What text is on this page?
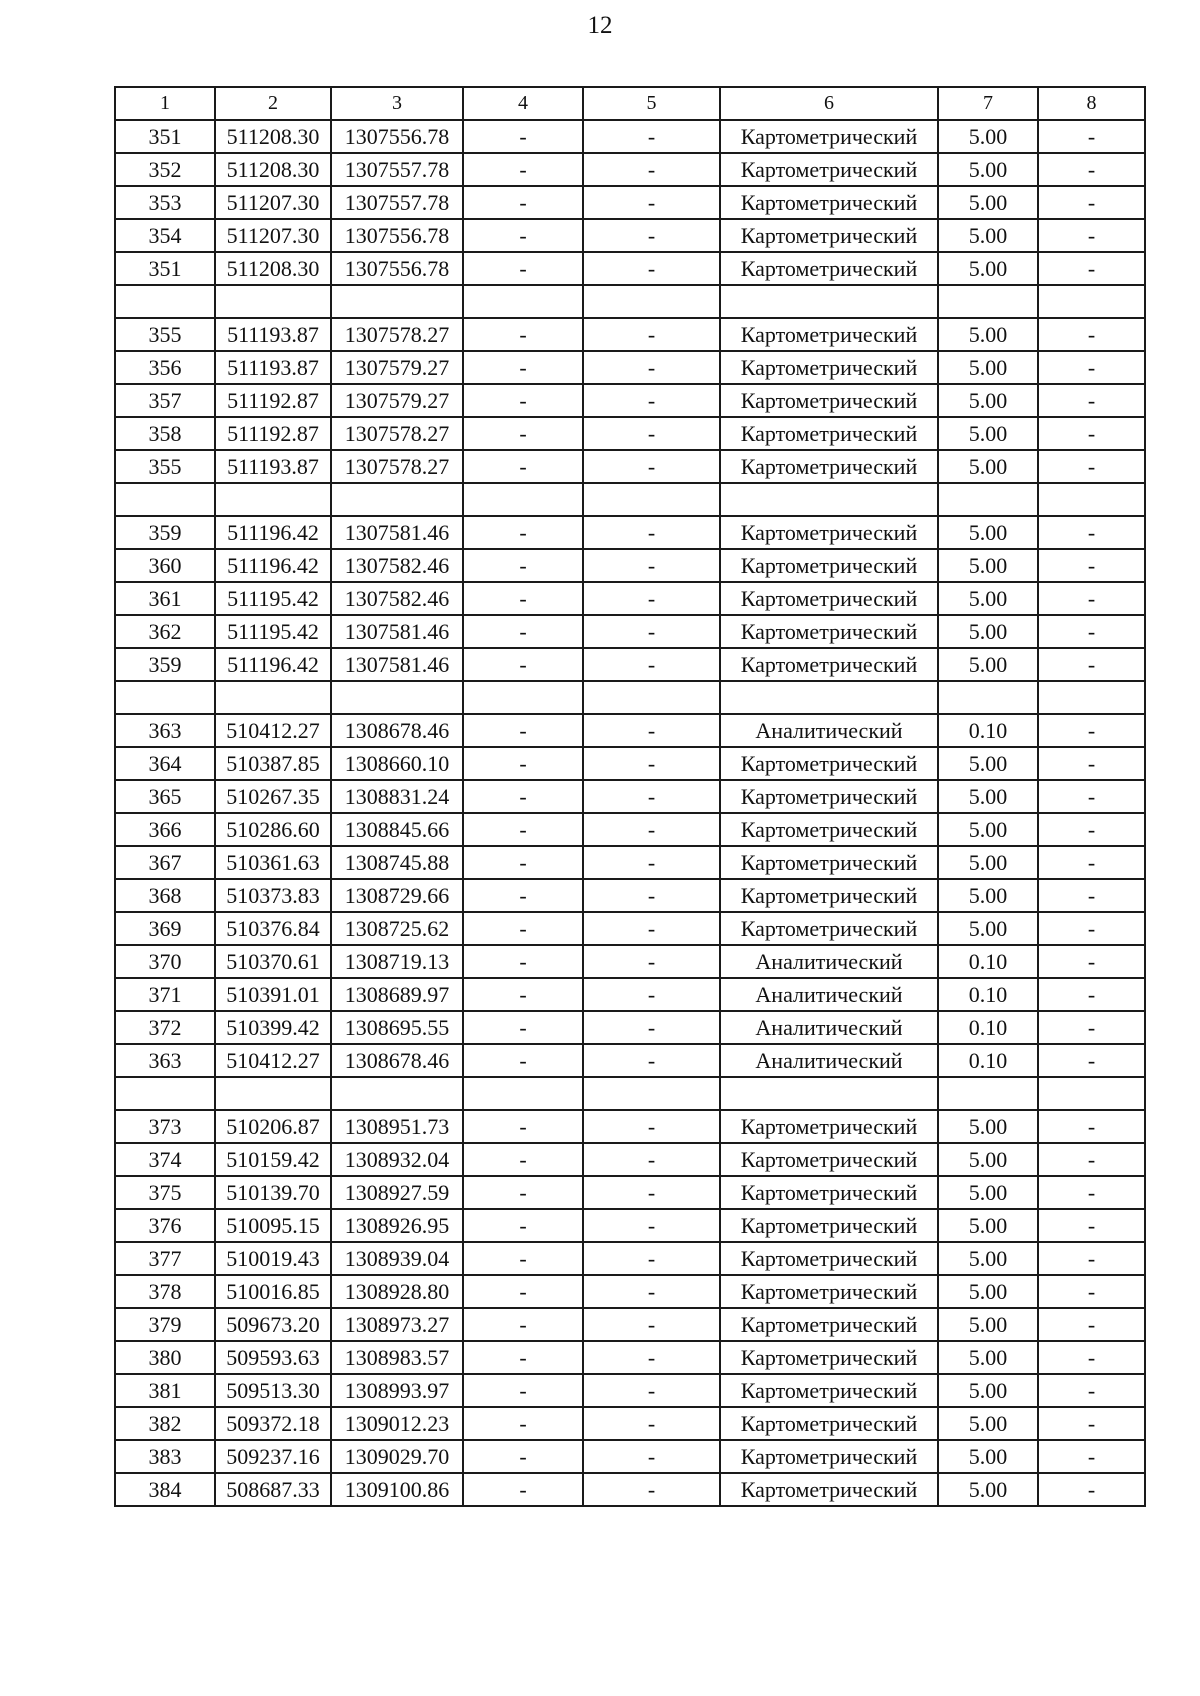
12
1	2	3	4	5	6	7	8
351	511208.30	1307556.78	-	-	Картометрический	5.00	-
352	511208.30	1307557.78	-	-	Картометрический	5.00	-
353	511207.30	1307557.78	-	-	Картометрический	5.00	-
354	511207.30	1307556.78	-	-	Картометрический	5.00	-
351	511208.30	1307556.78	-	-	Картометрический	5.00	-

355	511193.87	1307578.27	-	-	Картометрический	5.00	-
356	511193.87	1307579.27	-	-	Картометрический	5.00	-
357	511192.87	1307579.27	-	-	Картометрический	5.00	-
358	511192.87	1307578.27	-	-	Картометрический	5.00	-
355	511193.87	1307578.27	-	-	Картометрический	5.00	-

359	511196.42	1307581.46	-	-	Картометрический	5.00	-
360	511196.42	1307582.46	-	-	Картометрический	5.00	-
361	511195.42	1307582.46	-	-	Картометрический	5.00	-
362	511195.42	1307581.46	-	-	Картометрический	5.00	-
359	511196.42	1307581.46	-	-	Картометрический	5.00	-

363	510412.27	1308678.46	-	-	Аналитический	0.10	-
364	510387.85	1308660.10	-	-	Картометрический	5.00	-
365	510267.35	1308831.24	-	-	Картометрический	5.00	-
366	510286.60	1308845.66	-	-	Картометрический	5.00	-
367	510361.63	1308745.88	-	-	Картометрический	5.00	-
368	510373.83	1308729.66	-	-	Картометрический	5.00	-
369	510376.84	1308725.62	-	-	Картометрический	5.00	-
370	510370.61	1308719.13	-	-	Аналитический	0.10	-
371	510391.01	1308689.97	-	-	Аналитический	0.10	-
372	510399.42	1308695.55	-	-	Аналитический	0.10	-
363	510412.27	1308678.46	-	-	Аналитический	0.10	-

373	510206.87	1308951.73	-	-	Картометрический	5.00	-
374	510159.42	1308932.04	-	-	Картометрический	5.00	-
375	510139.70	1308927.59	-	-	Картометрический	5.00	-
376	510095.15	1308926.95	-	-	Картометрический	5.00	-
377	510019.43	1308939.04	-	-	Картометрический	5.00	-
378	510016.85	1308928.80	-	-	Картометрический	5.00	-
379	509673.20	1308973.27	-	-	Картометрический	5.00	-
380	509593.63	1308983.57	-	-	Картометрический	5.00	-
381	509513.30	1308993.97	-	-	Картометрический	5.00	-
382	509372.18	1309012.23	-	-	Картометрический	5.00	-
383	509237.16	1309029.70	-	-	Картометрический	5.00	-
384	508687.33	1309100.86	-	-	Картометрический	5.00	-
